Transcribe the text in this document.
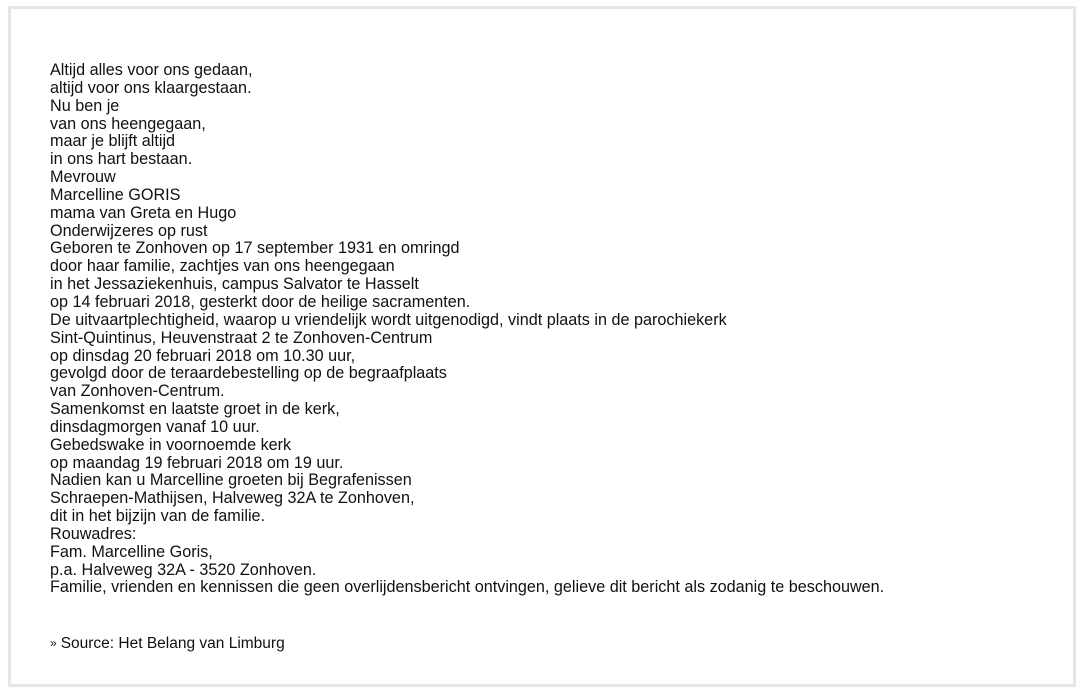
Altijd alles voor ons gedaan,
altijd voor ons klaargestaan.
Nu ben je
van ons heengegaan,
maar je blijft altijd
in ons hart bestaan.
Mevrouw
Marcelline GORIS
mama van Greta en Hugo
Onderwijzeres op rust
Geboren te Zonhoven op 17 september 1931 en omringd
door haar familie, zachtjes van ons heengegaan
in het Jessaziekenhuis, campus Salvator te Hasselt
op 14 februari 2018, gesterkt door de heilige sacramenten.
De uitvaartplechtigheid, waarop u vriendelijk wordt uitgenodigd, vindt plaats in de parochiekerk
Sint-Quintinus, Heuvenstraat 2 te Zonhoven-Centrum
op dinsdag 20 februari 2018 om 10.30 uur,
gevolgd door de teraardebestelling op de begraafplaats
van Zonhoven-Centrum.
Samenkomst en laatste groet in de kerk,
dinsdagmorgen vanaf 10 uur.
Gebedswake in voornoemde kerk
op maandag 19 februari 2018 om 19 uur.
Nadien kan u Marcelline groeten bij Begrafenissen
Schraepen-Mathijsen, Halveweg 32A te Zonhoven,
dit in het bijzijn van de familie.
Rouwadres:
Fam. Marcelline Goris,
p.a. Halveweg 32A - 3520 Zonhoven.
Familie, vrienden en kennissen die geen overlijdensbericht ontvingen, gelieve dit bericht als zodanig te beschouwen.
» Source: Het Belang van Limburg
